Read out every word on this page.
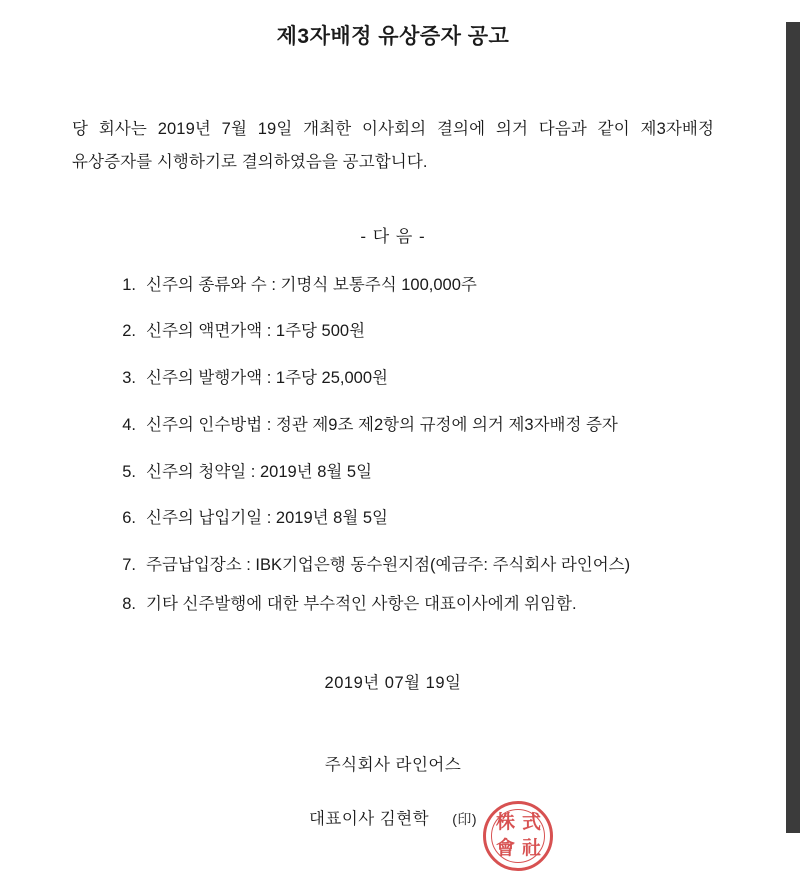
제3자배정 유상증자 공고

당 회사는 2019년 7월 19일 개최한 이사회의 결의에 의거 다음과 같이 제3자배정 유상증자를 시행하기로 결의하였음을 공고합니다.

- 다 음 -
1. 신주의 종류와 수 : 기명식 보통주식 100,000주
2. 신주의 액면가액 : 1주당 500원
3. 신주의 발행가액 : 1주당 25,000원
4. 신주의 인수방법 : 정관 제9조 제2항의 규정에 의거 제3자배정 증자
5. 신주의 청약일 : 2019년 8월 5일
6. 신주의 납입기일 : 2019년 8월 5일
7. 주금납입장소 : IBK기업은행 동수원지점(예금주: 주식회사 라인어스)
8. 기타 신주발행에 대한 부수적인 사항은 대표이사에게 위임함.
2019년 07월 19일
주식회사 라인어스
대표이사 김현학 (印) 株 式
會 社
